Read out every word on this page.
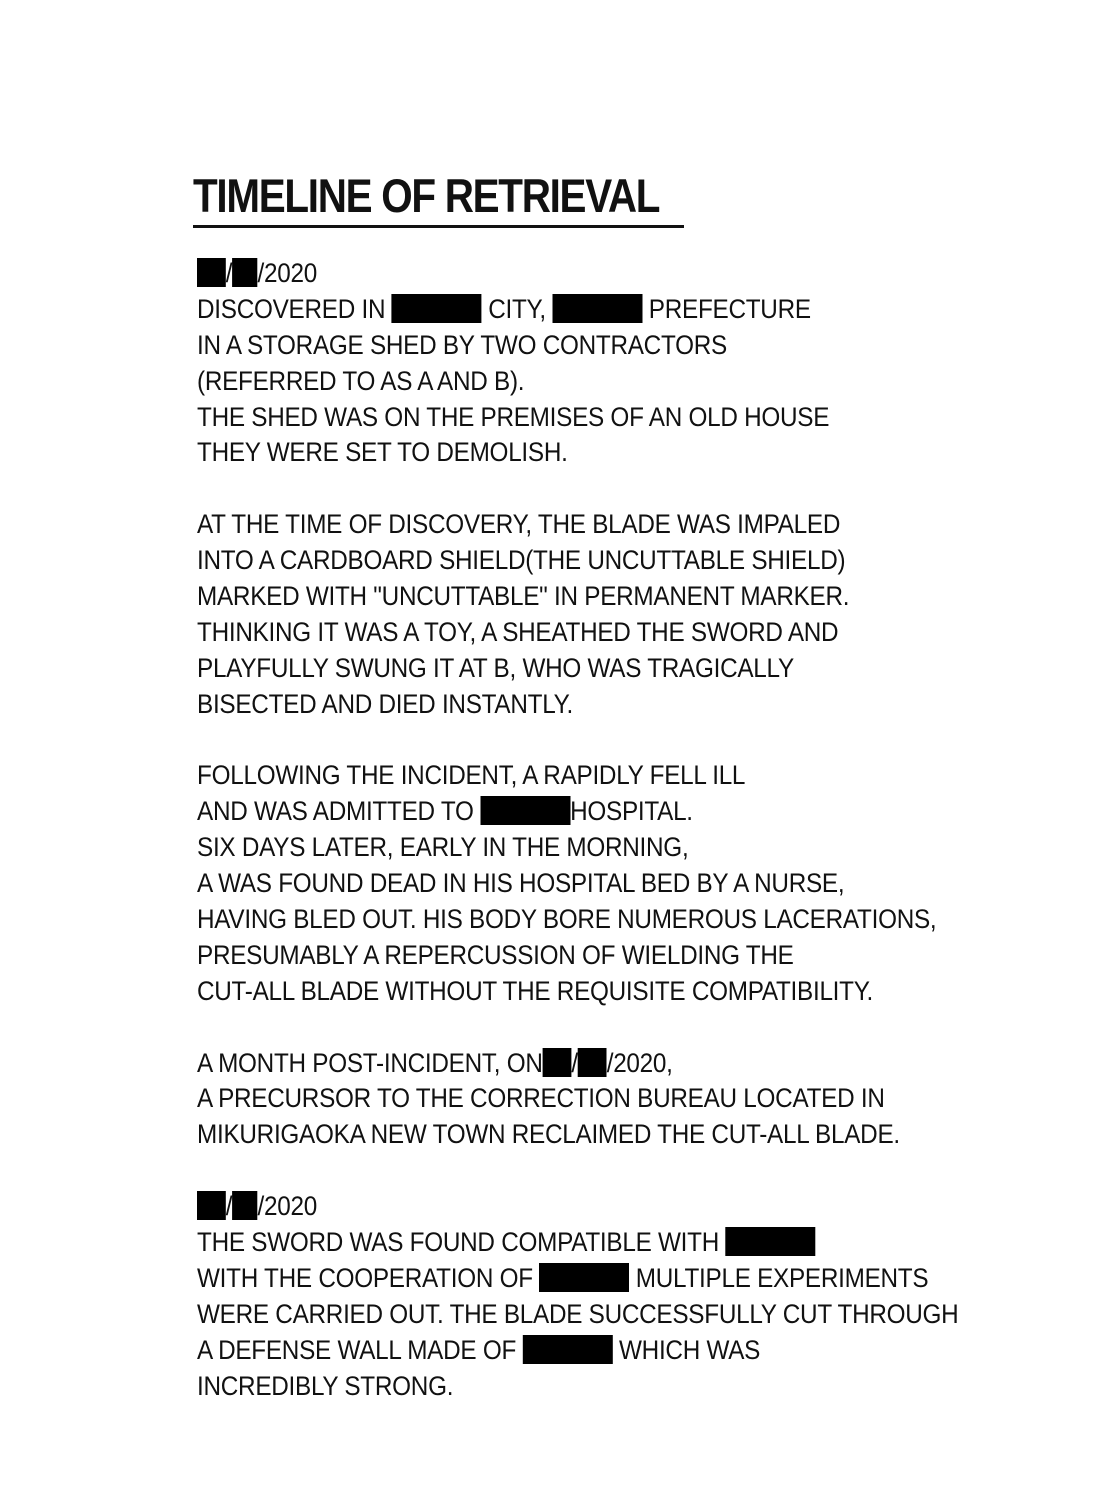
TIMELINE OF RETRIEVAL
/ /2020
DISCOVERED IN	CITY,	PREFECTURE
IN A STORAGE SHED BY TWO CONTRACTORS
(REFERRED TO AS A AND B).
THE SHED WAS ON THE PREMISES OF AN OLD HOUSE
THEY WERE SET TO DEMOLISH.
AT THE TIME OF DISCOVERY, THE BLADE WAS IMPALED
INTO A CARDBOARD SHIELD(THE UNCUTTABLE SHIELD)
MARKED WITH "UNCUTTABLE" IN PERMANENT MARKER.
THINKING IT WAS A TOY, A SHEATHED THE SWORD AND
PLAYFULLY SWUNG IT AT B, WHO WAS TRAGICALLY
BISECTED AND DIED INSTANTLY.
FOLLOWING THE INCIDENT, A RAPIDLY FELL ILL
AND WAS ADMITTED TO	HOSPITAL.
SIX DAYS LATER, EARLY IN THE MORNING,
A WAS FOUND DEAD IN HIS HOSPITAL BED BY A NURSE,
HAVING BLED OUT. HIS BODY BORE NUMEROUS LACERATIONS,
PRESUMABLY A REPERCUSSION OF WIELDING THE
CUT-ALL BLADE WITHOUT THE REQUISITE COMPATIBILITY.
A MONTH POST-INCIDENT, ON / /2020,
A PRECURSOR TO THE CORRECTION BUREAU LOCATED IN
MIKURIGAOKA NEW TOWN RECLAIMED THE CUT-ALL BLADE.
/ /2020
THE SWORD WAS FOUND COMPATIBLE WITH
WITH THE COOPERATION OF	MULTIPLE EXPERIMENTS
WERE CARRIED OUT. THE BLADE SUCCESSFULLY CUT THROUGH
A DEFENSE WALL MADE OF	WHICH WAS
INCREDIBLY STRONG.
